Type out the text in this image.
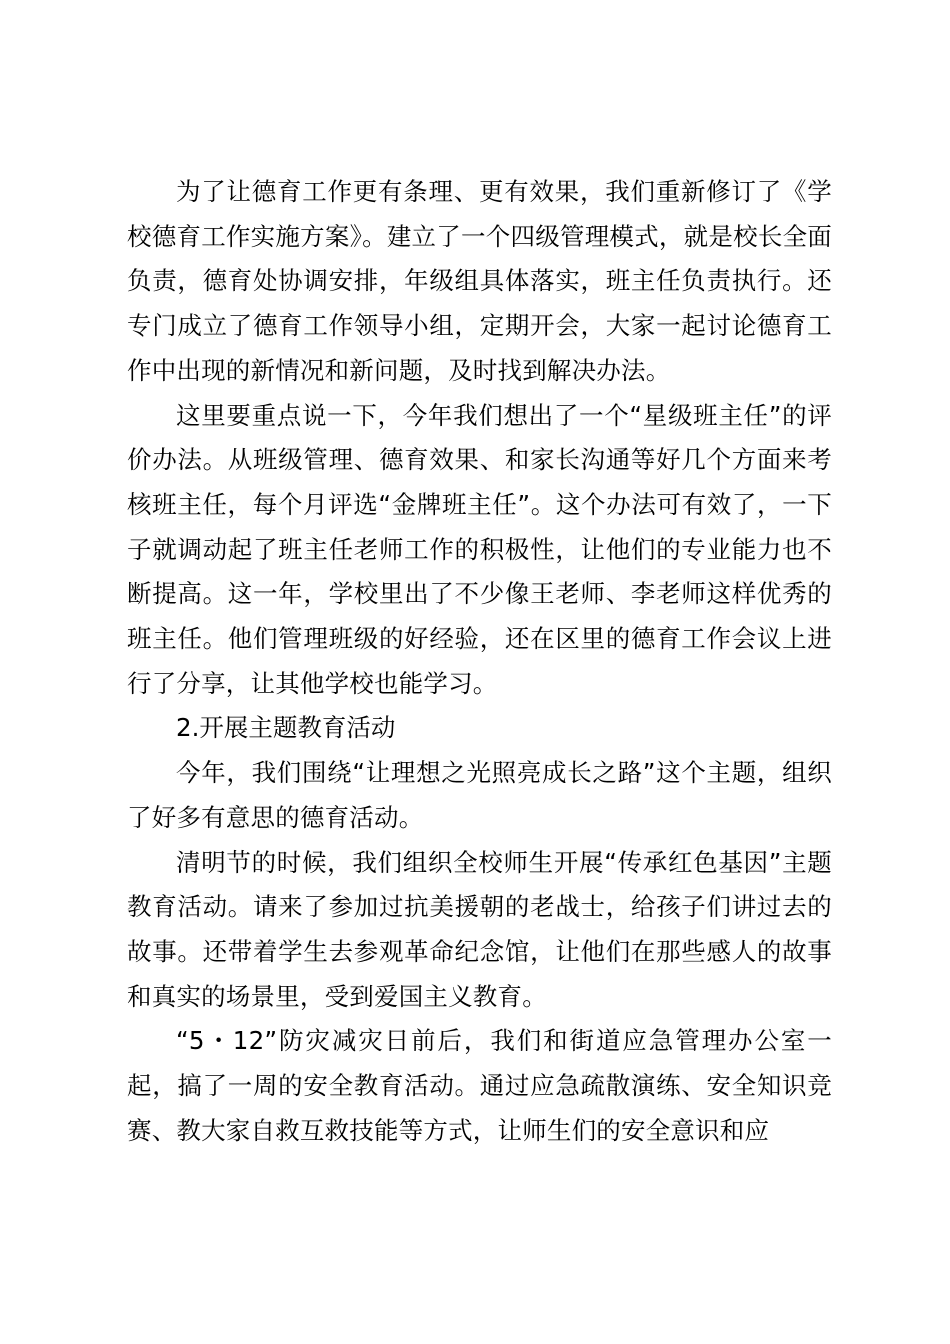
为了让德育工作更有条理、更有效果，我们重新修订了《学校德育工作实施方案》。建立了一个四级管理模式，就是校长全面负责，德育处协调安排，年级组具体落实，班主任负责执行。还专门成立了德育工作领导小组，定期开会，大家一起讨论德育工作中出现的新情况和新问题，及时找到解决办法。

这里要重点说一下，今年我们想出了一个“星级班主任”的评价办法。从班级管理、德育效果、和家长沟通等好几个方面来考核班主任，每个月评选“金牌班主任”。这个办法可有效了，一下子就调动起了班主任老师工作的积极性，让他们的专业能力也不断提高。这一年，学校里出了不少像王老师、李老师这样优秀的班主任。他们管理班级的好经验，还在区里的德育工作会议上进行了分享，让其他学校也能学习。

2.开展主题教育活动

今年，我们围绕“让理想之光照亮成长之路”这个主题，组织了好多有意思的德育活动。

清明节的时候，我们组织全校师生开展“传承红色基因”主题教育活动。请来了参加过抗美援朝的老战士，给孩子们讲过去的故事。还带着学生去参观革命纪念馆，让他们在那些感人的故事和真实的场景里，受到爱国主义教育。

“5・12”防灾减灾日前后，我们和街道应急管理办公室一起，搞了一周的安全教育活动。通过应急疏散演练、安全知识竞赛、教大家自救互救技能等方式，让师生们的安全意识和应
